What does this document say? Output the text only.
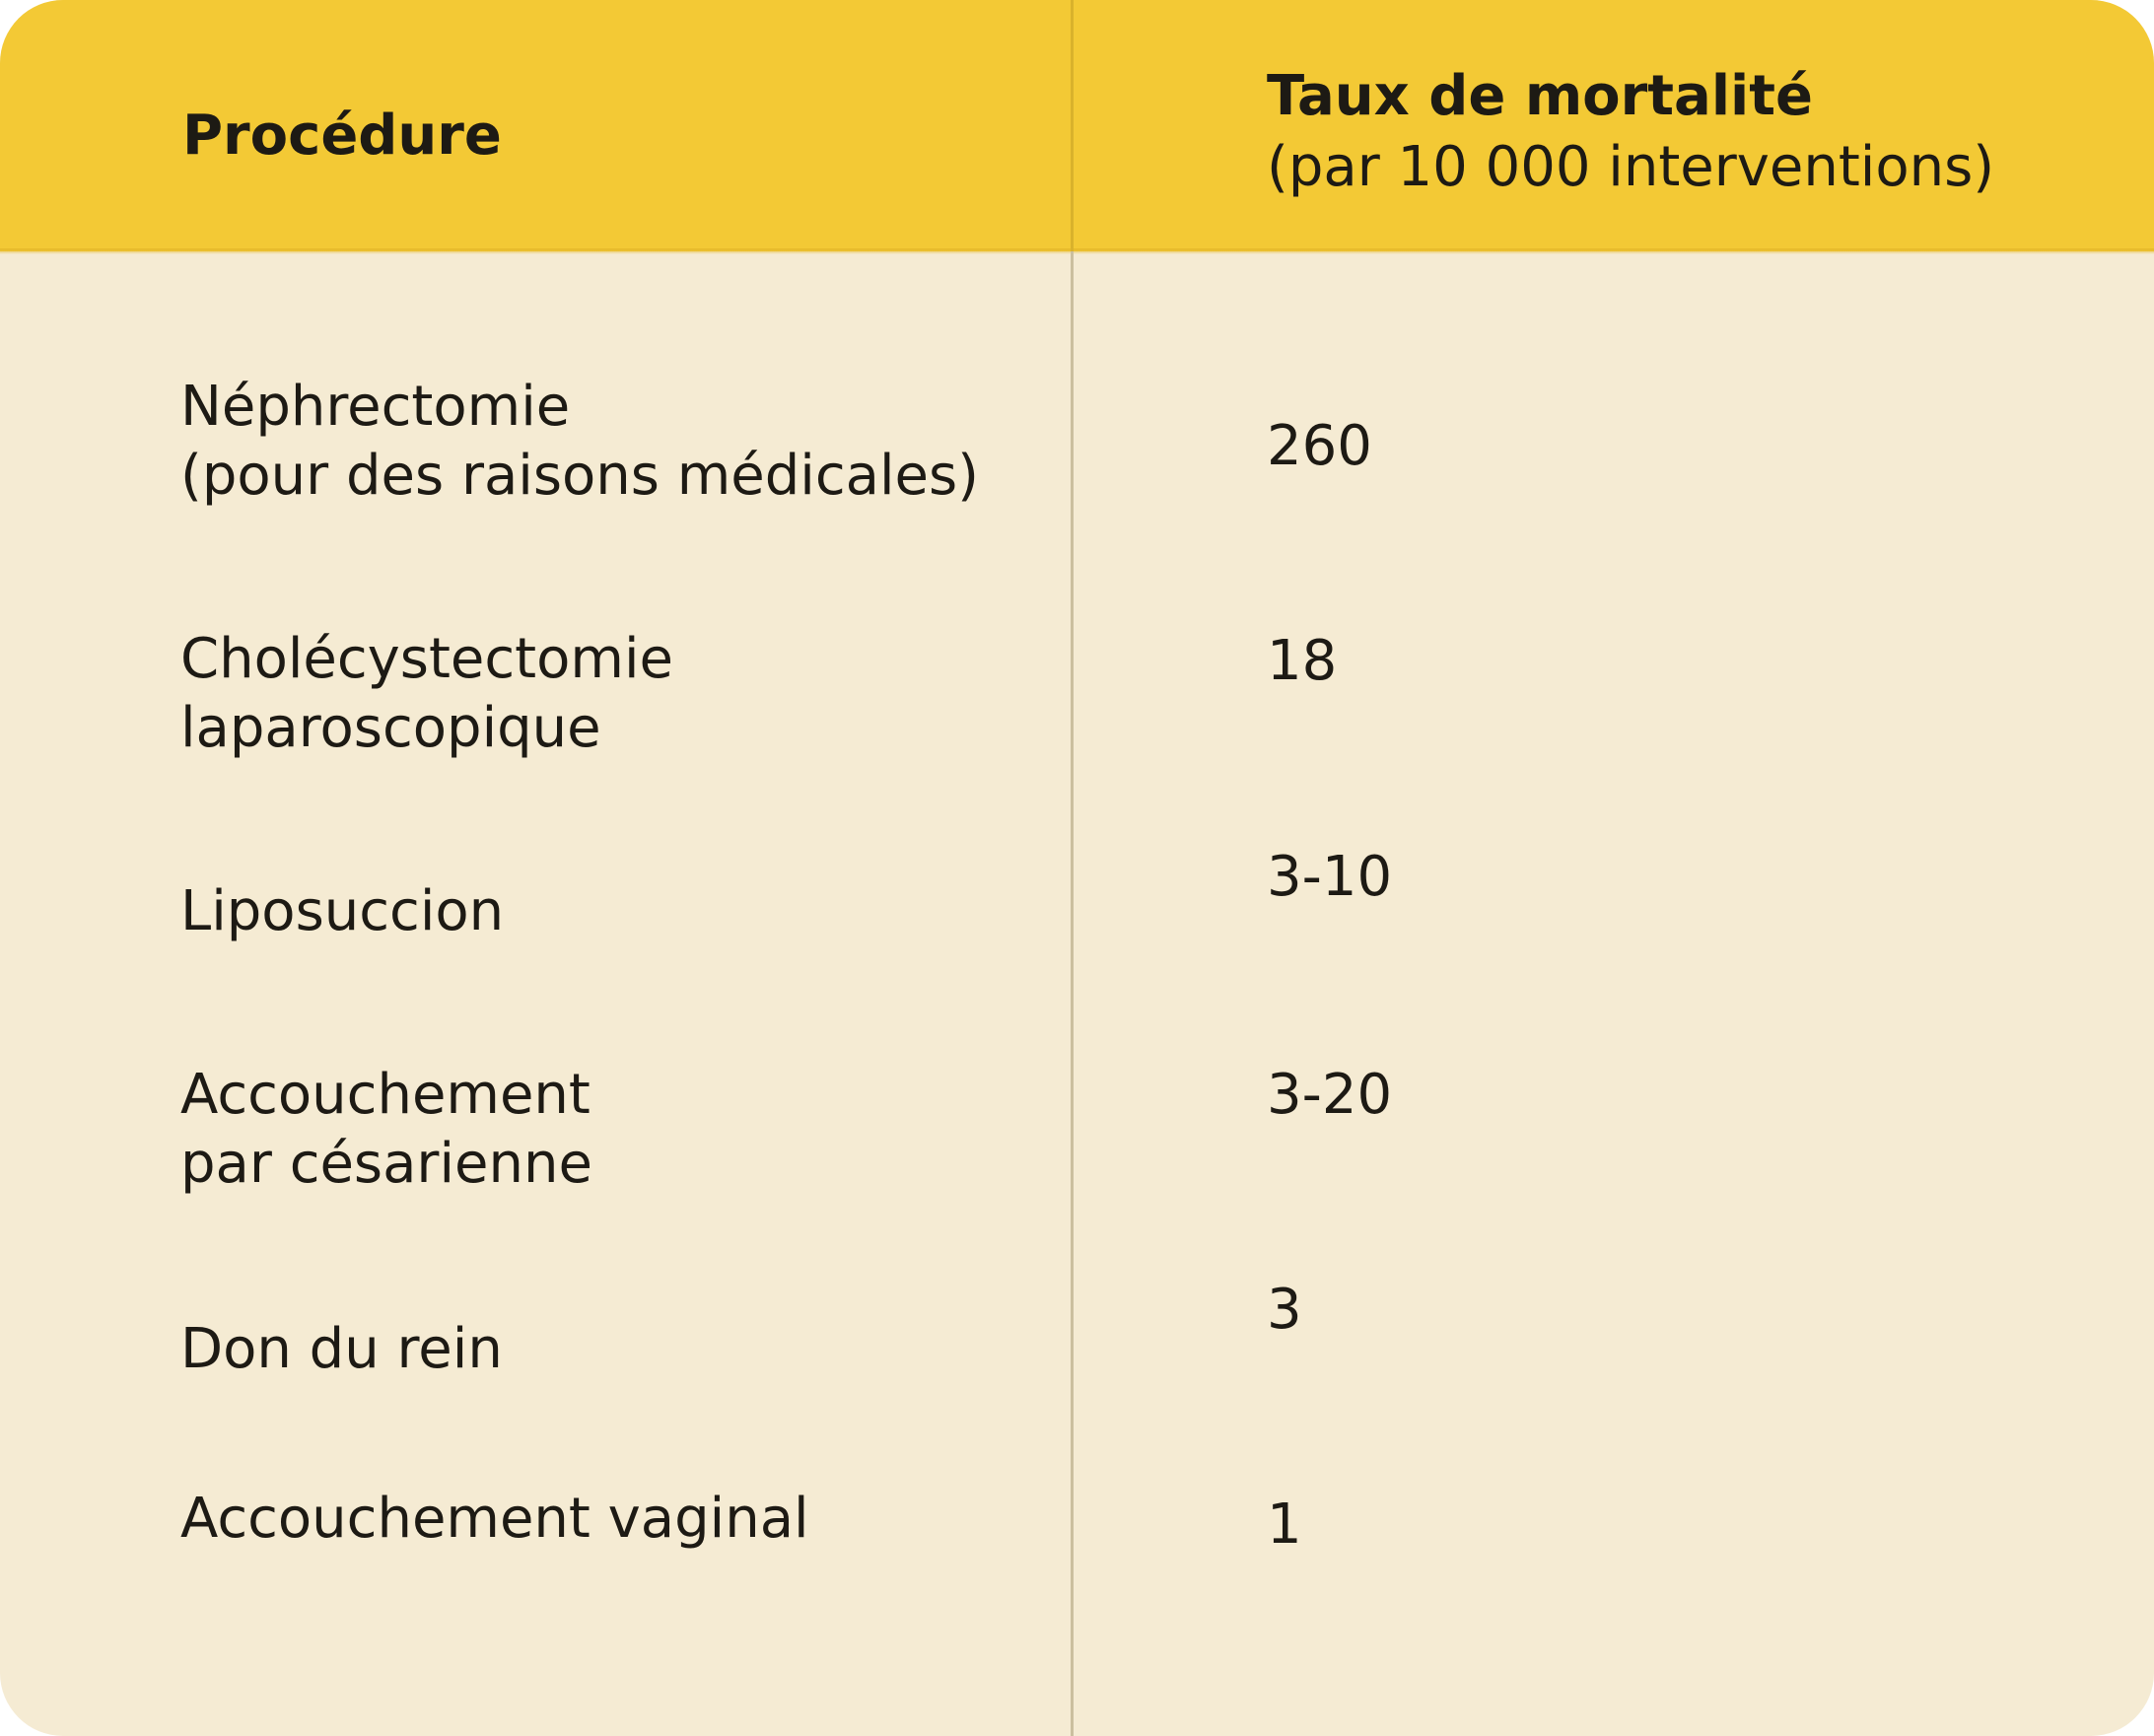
Procédure
Taux de mortalité
(par 10 000 interventions)
Néphrectomie
(pour des raisons médicales)	260
Cholécystectomie
laparoscopique
18
Liposuccion
3-10
Accouchement
par césarienne
3-20
Don du rein
3
Accouchement vaginal	1
